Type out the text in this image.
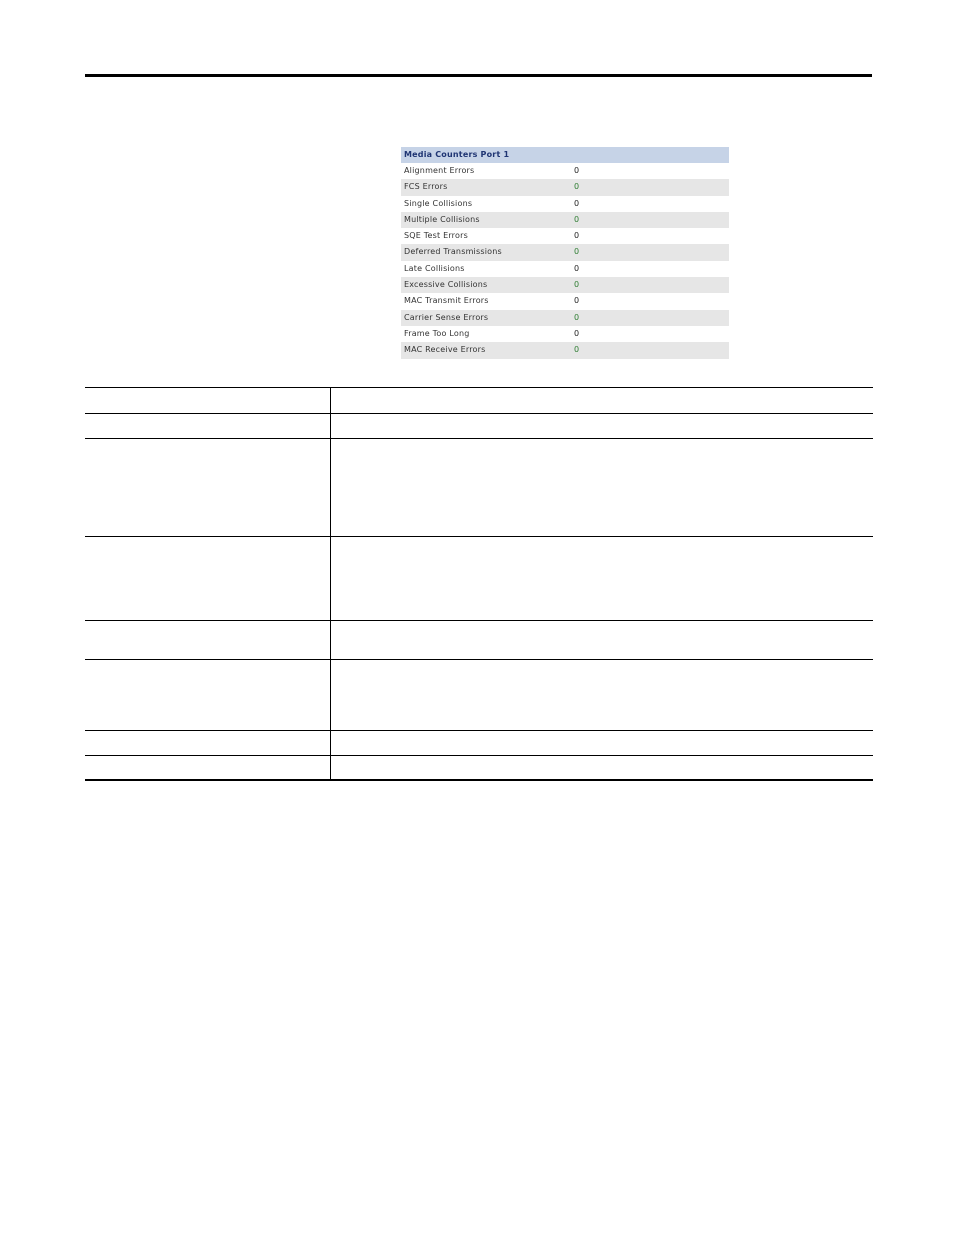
Media Counters Port 1
Alignment Errors	0
FCS Errors	0
Single Collisions	0
Multiple Collisions	0
SQE Test Errors	0
Deferred Transmissions	0
Late Collisions	0
Excessive Collisions	0
MAC Transmit Errors	0
Carrier Sense Errors	0
Frame Too Long	0
MAC Receive Errors	0
